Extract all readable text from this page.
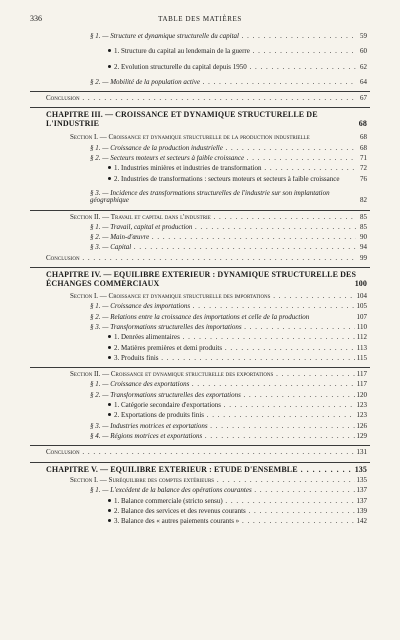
336	TABLE DES MATIÈRES
§ 1. — Structure et dynamique structurelle du capital . . .	59
1. Structure du capital au lendemain de la guerre . . .	60
2. Évolution structurelle du capital depuis 1950 . . .	62
§ 2. — Mobilité de la population active . . .	64
Conclusion . . .	67
CHAPITRE III. — CROISSANCE ET DYNAMIQUE STRUCTURELLE DE L'INDUSTRIE	68
Section I. — Croissance et dynamique structurelle de la production industrielle	68
§ 1. — Croissance de la production industrielle . . .	68
§ 2. — Secteurs moteurs et secteurs à faible croissance . . .	71
1. Industries minières et industries de transformation . . .	72
2. Industries de transformations : secteurs moteurs et secteurs à faible croissance	76
§ 3. — Incidence des transformations structurelles de l'industrie sur son implantation géographique	82
Section II. — Travail et capital dans l'industrie . . .	85
§ 1. — Travail, capital et production . . .	85
§ 2. — Main-d'œuvre . . .	90
§ 3. — Capital . . .	94
Conclusion . . .	99
CHAPITRE IV. — ÉQUILIBRE EXTÉRIEUR : DYNAMIQUE STRUCTURELLE DES ÉCHANGES COMMERCIAUX	100
Section I. — Croissance et dynamique structurelle des importations . . .	104
§ 1. — Croissance des importations . . .	105
§ 2. — Relations entre la croissance des importations et celle de la production	107
§ 3. — Transformations structurelles des importations . . .	110
1. Denrées alimentaires . . .	112
2. Matières premières et demi produits . . .	113
3. Produits finis . . .	115
Section II. — Croissance et dynamique structurelle des exportations . . .	117
§ 1. — Croissance des exportations . . .	117
§ 2. — Transformations structurelles des exportations . . .	120
1. Catégorie secondaire d'exportations . . .	123
2. Exportations de produits finis . . .	123
§ 3. — Industries motrices et exportations . . .	126
§ 4. — Régions motrices et exportations . . .	129
Conclusion . . .	131
CHAPITRE V. — ÉQUILIBRE EXTÉRIEUR : ÉTUDE D'ENSEMBLE . . .	135
Section I. — Suréquilibre des comptes extérieurs . . .	135
§ 1. — L'excédent de la balance des opérations courantes . . .	137
1. Balance commerciale (stricto sensu) . . .	137
2. Balance des services et des revenus courants . . .	139
3. Balance des « autres paiements courants » . . .	142
